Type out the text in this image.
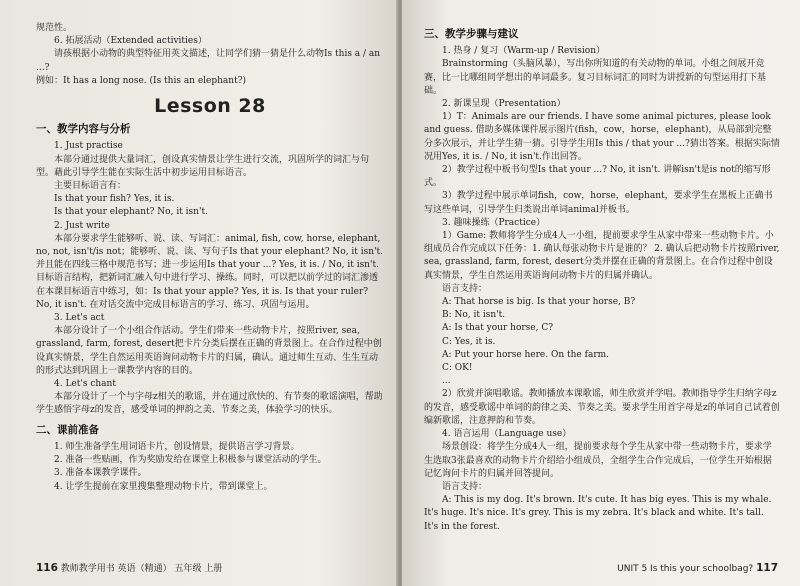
规范性。

6. 拓展活动（Extended activities）

请孩根据小动物的典型特征用英文描述，让同学们猜一猜是什么动物Is this a / an ...?

例如：It has a long nose. (Is this an elephant?)

Lesson 28
一、教学内容与分析

1. Just practise

本部分通过提供大量词汇，创设真实情景让学生进行交流，巩固所学的词汇与句型。藉此引导学生能在实际生活中初步运用目标语言。

主要目标语言有：

Is that your fish? Yes, it is.

Is that your elephant? No, it isn't.

2. Just write

本部分要求学生能够听、说、读、写词汇：animal, fish, cow, horse, elephant, no, not, isn't/is not；能够听、说、读、写句子Is that your elephant? No, it isn't. 并且能在四线三格中规范书写；进一步运用Is that your ...? Yes, it is. / No, it isn't.目标语言结构，把新词汇融入句中进行学习、操练。同时，可以把以前学过的词汇渗透在本课目标语言中练习，如：Is that your apple? Yes, it is. Is that your ruler? No, it isn't. 在对话交流中完成目标语言的学习、练习、巩固与运用。

3. Let's act

本部分设计了一个小组合作活动。学生们带来一些动物卡片，按照river, sea, grassland, farm, forest, desert把卡片分类后摆在正确的背景图上。在合作过程中创设真实情景，学生自然运用英语询问动物卡片的归属，确认。通过师生互动、生生互动的形式达到巩固上一课教学内容的目的。

4. Let's chant

本部分设计了一个与字母z相关的歌谣，并在通过欣快的、有节奏的歌谣演唱，帮助学生感悟字母z的发音，感受单词的押韵之美、节奏之美，体验学习的快乐。

二、课前准备

1. 师生准备学生用词语卡片，创设情景，提供语言学习背景。

2. 准备一些贴画，作为奖励发给在课堂上积极参与课堂活动的学生。

3. 准备本课教学课件。

4. 让学生提前在家里搜集整理动物卡片，带到课堂上。

116 教师教学用书 英语（精通） 五年级 上册
三、教学步骤与建议

1. 热身 / 复习（Warm-up / Revision）

Brainstorming（头脑风暴），写出你所知道的有关动物的单词。小组之间展开竞赛，比一比哪组同学想出的单词最多。复习目标词汇的同时为讲授新的句型运用打下基础。

2. 新课呈现（Presentation）

1）T：Animals are our friends. I have some animal pictures, please look and guess. 借助多媒体课件展示图片(fish，cow，horse，elephant)，从局部到完整分多次展示，并让学生猜一猜。引导学生用Is this / that your ...?猜出答案。根据实际情况用Yes, it is. / No, it isn't.作出回答。

2）教学过程中板书句型Is that your ...? No, it isn't. 讲解isn't是is not的缩写形式。

3）教学过程中展示单词fish，cow，horse，elephant，要求学生在黑板上正确书写这些单词，引导学生归类说出单词animal并板书。

3. 趣味操练（Practice）

1）Game: 教师将学生分成4人一小组，提前要求学生从家中带来一些动物卡片。小组成员合作完成以下任务：1. 确认每张动物卡片是谁的？ 2. 确认后把动物卡片按照river, sea, grassland, farm, forest, desert分类并摆在正确的背景图上。在合作过程中创设真实情景，学生自然运用英语询问动物卡片的归属并确认。

语言支持：

A: That horse is big. Is that your horse, B?

B: No, it isn't.

A: Is that your horse, C?

C: Yes, it is.

A: Put your horse here. On the farm.

C: OK!

...

2）欣赏并演唱歌谣。教师播放本课歌谣，师生欣赏并学唱。教师指导学生归纳字母z的发音，感受歌谣中单词的韵律之美、节奏之美。要求学生用首字母是z的单词自己试着创编新歌谣，注意押韵和节奏。

4. 语言运用（Language use）

场景创设：将学生分成4人一组，提前要求每个学生从家中带一些动物卡片，要求学生选取3张最喜欢的动物卡片介绍给小组成员，全组学生合作完成后，一位学生开始根据记忆询问卡片的归属并回答提问。

语言支持：

A: This is my dog. It's brown. It's cute. It has big eyes. This is my whale. It's huge. It's nice. It's grey. This is my zebra. It's black and white. It's tall. It's in the forest.

UNIT 5 Is this your schoolbag? 117
